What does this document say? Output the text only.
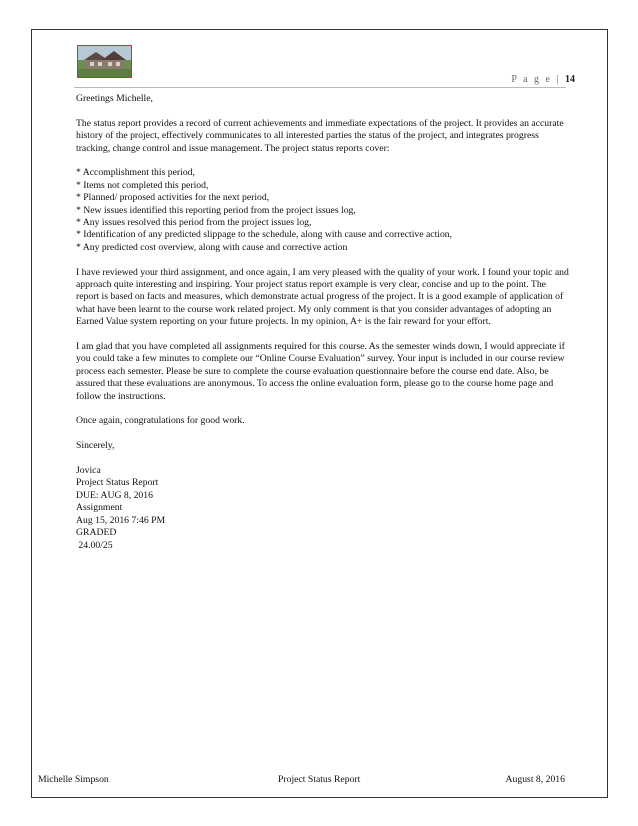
P a g e | 14

Greetings Michelle,

The status report provides a record of current achievements and immediate expectations of the project. It provides an accurate history of the project, effectively communicates to all interested parties the status of the project, and integrates progress tracking, change control and issue management. The project status reports cover:

* Accomplishment this period,
* Items not completed this period,
* Planned/ proposed activities for the next period,
* New issues identified this reporting period from the project issues log,
* Any issues resolved this period from the project issues log,
* Identification of any predicted slippage to the schedule, along with cause and corrective action,
* Any predicted cost overview, along with cause and corrective action

I have reviewed your third assignment, and once again, I am very pleased with the quality of your work. I found your topic and approach quite interesting and inspiring. Your project status report example is very clear, concise and up to the point. The report is based on facts and measures, which demonstrate actual progress of the project. It is a good example of application of what have been learnt to the course work related project. My only comment is that you consider advantages of adopting an Earned Value system reporting on your future projects. In my opinion, A+ is the fair reward for your effort.

I am glad that you have completed all assignments required for this course. As the semester winds down, I would appreciate if you could take a few minutes to complete our “Online Course Evaluation” survey. Your input is included in our course review process each semester. Please be sure to complete the course evaluation questionnaire before the course end date. Also, be assured that these evaluations are anonymous. To access the online evaluation form, please go to the course home page and follow the instructions.

Once again, congratulations for good work.

Sincerely,

Jovica
Project Status Report
DUE: AUG 8, 2016
Assignment
Aug 15, 2016 7:46 PM
GRADED
24.00/25
Michelle Simpson	Project Status Report	August 8, 2016
